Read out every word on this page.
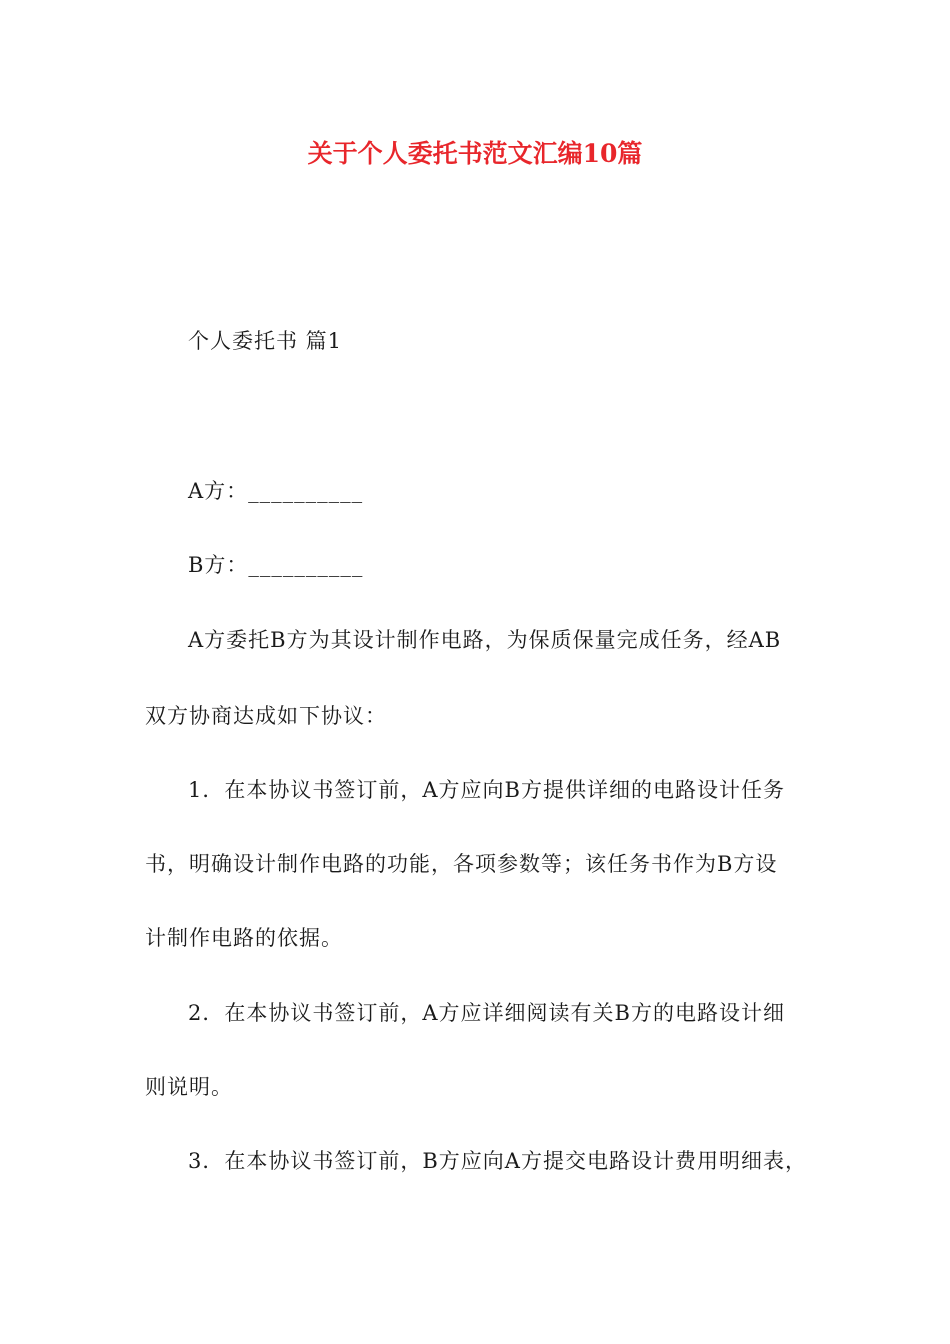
关于个人委托书范文汇编10篇
个人委托书 篇1
A方：__________
B方：__________
A方委托B方为其设计制作电路，为保质保量完成任务，经AB
双方协商达成如下协议：
1．在本协议书签订前，A方应向B方提供详细的电路设计任务
书，明确设计制作电路的功能，各项参数等；该任务书作为B方设
计制作电路的依据。
2．在本协议书签订前，A方应详细阅读有关B方的电路设计细
则说明。
3．在本协议书签订前，B方应向A方提交电路设计费用明细表，
